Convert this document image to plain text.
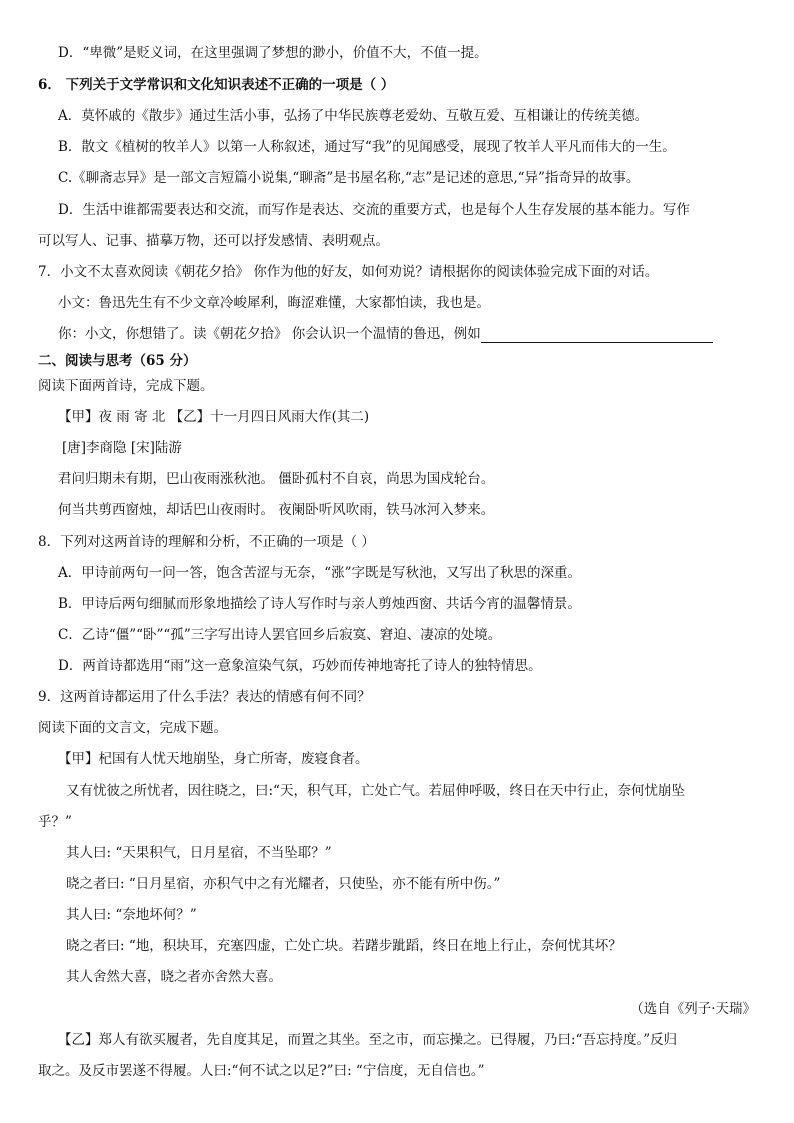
D．“卑微”是贬义词，在这里强调了梦想的渺小，价值不大，不值一提。
6． 下列关于文学常识和文化知识表述不正确的一项是（ ）
A．莫怀戚的《散步》通过生活小事，弘扬了中华民族尊老爱幼、互敬互爱、互相谦让的传统美德。
B．散文《植树的牧羊人》以第一人称叙述，通过写“我”的见闻感受，展现了牧羊人平凡而伟大的一生。
C.《聊斋志异》是一部文言短篇小说集,“聊斋”是书屋名称,“志”是记述的意思,“异”指奇异的故事。
D．生活中谁都需要表达和交流，而写作是表达、交流的重要方式，也是每个人生存发展的基本能力。写作
可以写人、记事、描摹万物，还可以抒发感情、表明观点。
7．小文不太喜欢阅读《朝花夕拾》 你作为他的好友，如何劝说？请根据你的阅读体验完成下面的对话。
小文：鲁迅先生有不少文章冷峻犀利，晦涩难懂，大家都怕读，我也是。
你：小文，你想错了。读《朝花夕拾》 你会认识一个温情的鲁迅，例如
二、阅读与思考（65 分）
阅读下面两首诗，完成下题。
【甲】夜 雨 寄 北 【乙】十一月四日风雨大作(其二)
[唐]李商隐 [宋]陆游
君问归期未有期，巴山夜雨涨秋池。 僵卧孤村不自哀，尚思为国戍轮台。
何当共剪西窗烛，却话巴山夜雨时。 夜阑卧听风吹雨，铁马冰河入梦来。
8．下列对这两首诗的理解和分析，不正确的一项是（ ）
A．甲诗前两句一问一答，饱含苦涩与无奈，“涨”字既是写秋池，又写出了秋思的深重。
B．甲诗后两句细腻而形象地描绘了诗人写作时与亲人剪烛西窗、共话今宵的温馨情景。
C．乙诗“僵”“卧”“孤”三字写出诗人罢官回乡后寂寞、窘迫、凄凉的处境。
D．两首诗都选用“雨”这一意象渲染气氛，巧妙而传神地寄托了诗人的独特情思。
9．这两首诗都运用了什么手法？表达的情感有何不同？
阅读下面的文言文，完成下题。
【甲】杞国有人忧天地崩坠，身亡所寄，废寝食者。
又有忧彼之所忧者，因往晓之，曰:“天，积气耳，亡处亡气。若屈伸呼吸，终日在天中行止，奈何忧崩坠
乎？”
其人曰: “天果积气，日月星宿，不当坠耶？”
晓之者曰: “日月星宿，亦积气中之有光耀者，只使坠，亦不能有所中伤。”
其人曰: “奈地坏何？”
晓之者曰: “地，积块耳，充塞四虚，亡处亡块。若躇步跐蹈，终日在地上行止，奈何忧其坏？
其人舍然大喜，晓之者亦舍然大喜。
（选自《列子·天瑞》
【乙】郑人有欲买履者，先自度其足，而置之其坐。至之市，而忘操之。已得履，乃曰:“吾忘持度。”反归
取之。及反市罢遂不得履。人曰:“何不试之以足?”曰: “宁信度，无自信也。”
